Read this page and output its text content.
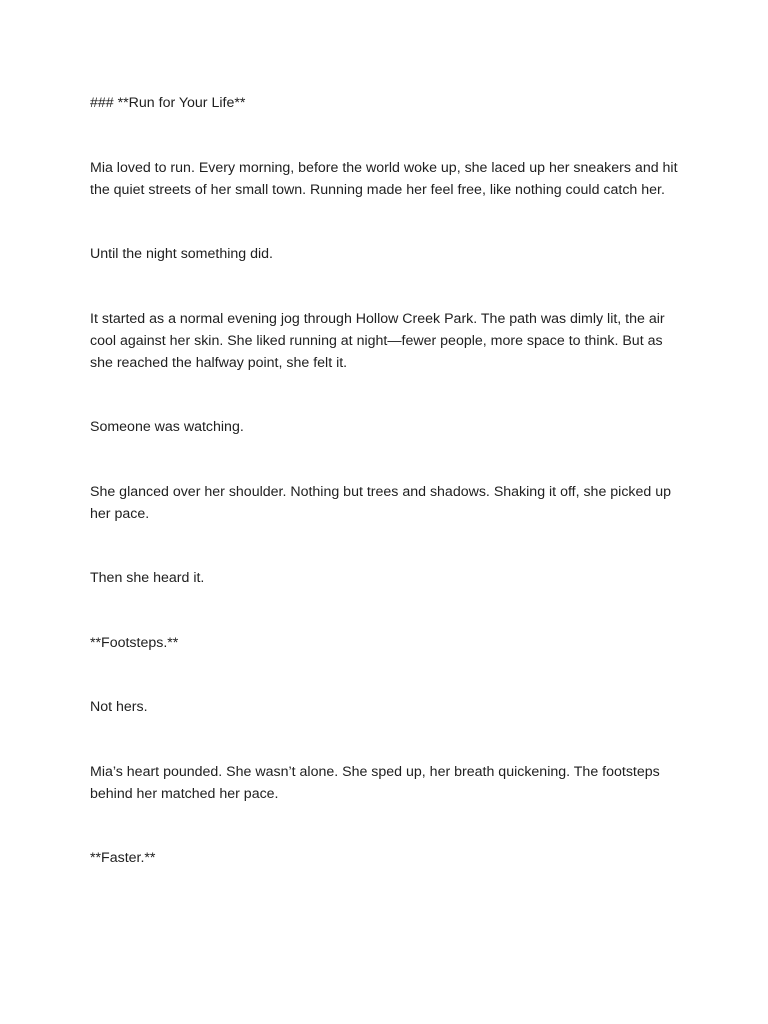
### **Run for Your Life**

Mia loved to run. Every morning, before the world woke up, she laced up her sneakers and hit the quiet streets of her small town. Running made her feel free, like nothing could catch her.

Until the night something did.

It started as a normal evening jog through Hollow Creek Park. The path was dimly lit, the air cool against her skin. She liked running at night—fewer people, more space to think. But as she reached the halfway point, she felt it.

Someone was watching.

She glanced over her shoulder. Nothing but trees and shadows. Shaking it off, she picked up her pace.

Then she heard it.

**Footsteps.**

Not hers.

Mia’s heart pounded. She wasn’t alone. She sped up, her breath quickening. The footsteps behind her matched her pace.

**Faster.**
